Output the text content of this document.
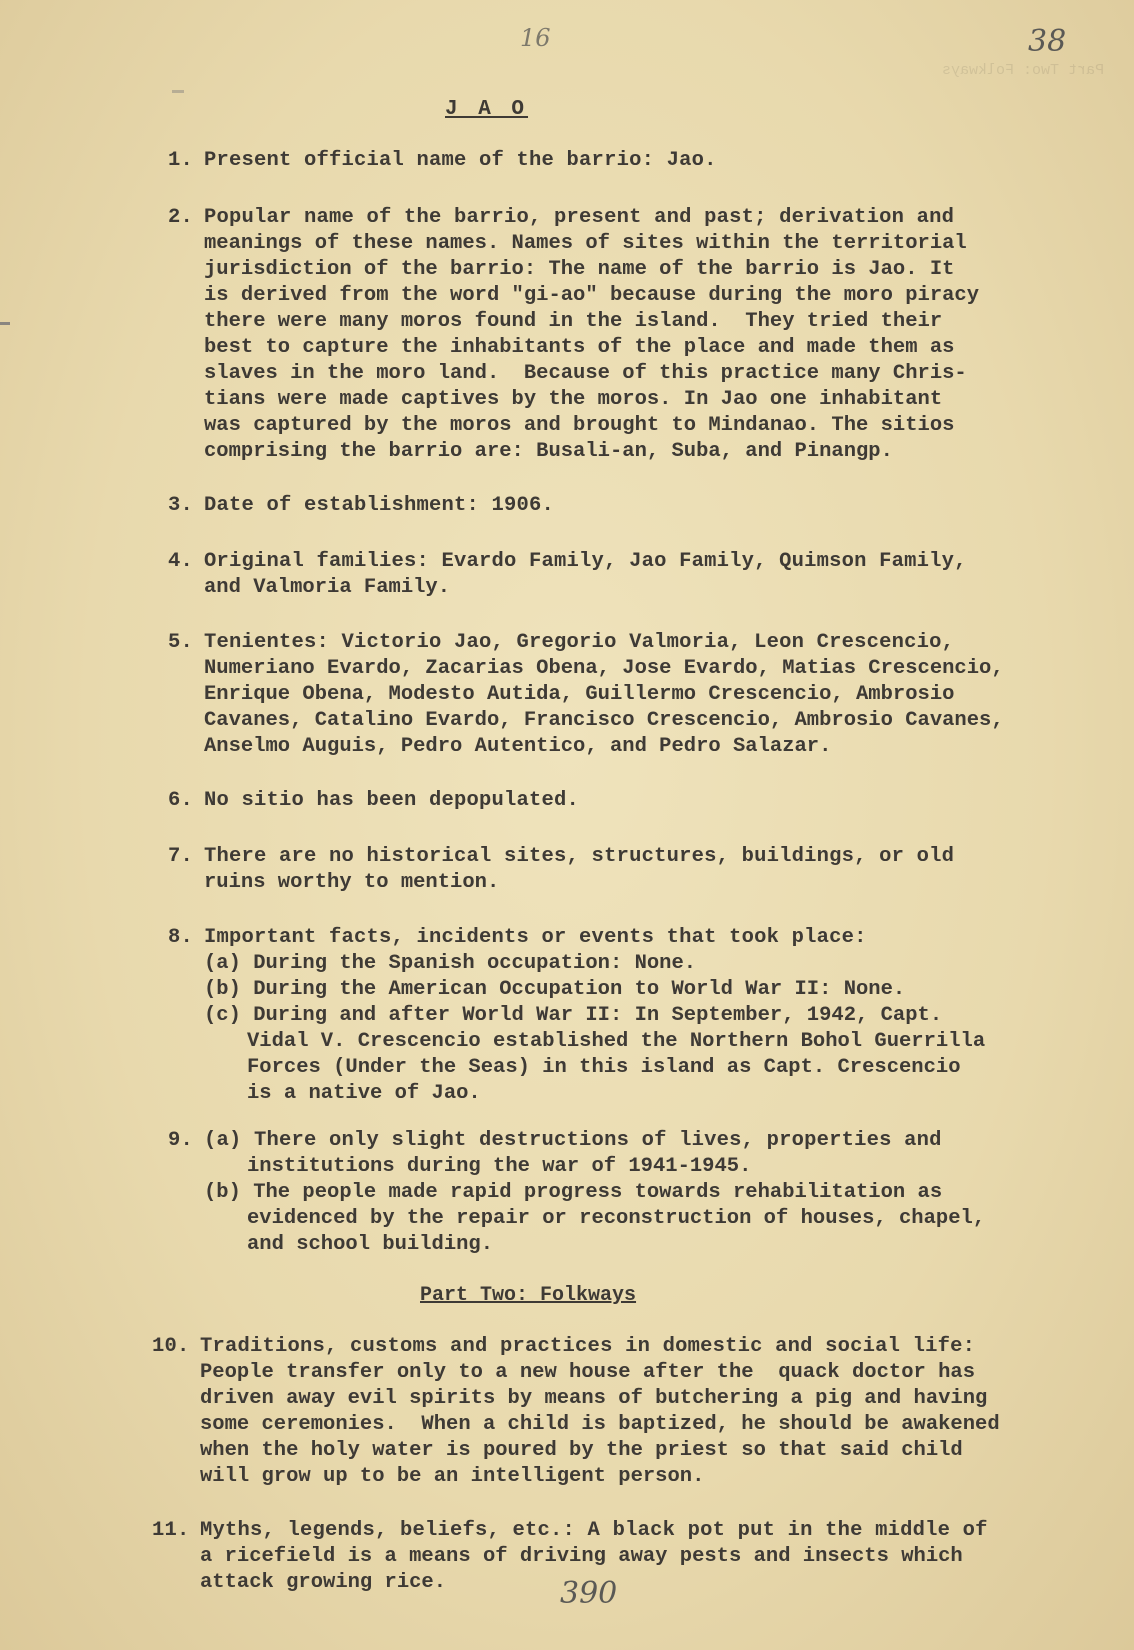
16	38
390
J A O
1. Present official name of the barrio: Jao.
2. Popular name of the barrio, present and past; derivation and
meanings of these names. Names of sites within the territorial
jurisdiction of the barrio: The name of the barrio is Jao. It
is derived from the word "gi-ao" because during the moro piracy
there were many moros found in the island.  They tried their
best to capture the inhabitants of the place and made them as
slaves in the moro land.  Because of this practice many Chris-
tians were made captives by the moros. In Jao one inhabitant
was captured by the moros and brought to Mindanao. The sitios
comprising the barrio are: Busali-an, Suba, and Pinangp.
3. Date of establishment: 1906.
4. Original families: Evardo Family, Jao Family, Quimson Family,
and Valmoria Family.
5. Tenientes: Victorio Jao, Gregorio Valmoria, Leon Crescencio,
Numeriano Evardo, Zacarias Obena, Jose Evardo, Matias Crescencio,
Enrique Obena, Modesto Autida, Guillermo Crescencio, Ambrosio
Cavanes, Catalino Evardo, Francisco Crescencio, Ambrosio Cavanes,
Anselmo Auguis, Pedro Autentico, and Pedro Salazar.
6. No sitio has been depopulated.
7. There are no historical sites, structures, buildings, or old
ruins worthy to mention.
8. Important facts, incidents or events that took place:
(a) During the Spanish occupation: None.
(b) During the American Occupation to World War II: None.
(c) During and after World War II: In September, 1942, Capt.
Vidal V. Crescencio established the Northern Bohol Guerrilla
Forces (Under the Seas) in this island as Capt. Crescencio
is a native of Jao.
9. (a) There only slight destructions of lives, properties and
institutions during the war of 1941-1945.
(b) The people made rapid progress towards rehabilitation as
evidenced by the repair or reconstruction of houses, chapel,
and school building.
Part Two: Folkways
10. Traditions, customs and practices in domestic and social life:
People transfer only to a new house after the  quack doctor has
driven away evil spirits by means of butchering a pig and having
some ceremonies.  When a child is baptized, he should be awakened
when the holy water is poured by the priest so that said child
will grow up to be an intelligent person.
11. Myths, legends, beliefs, etc.: A black pot put in the middle of
a ricefield is a means of driving away pests and insects which
attack growing rice.
